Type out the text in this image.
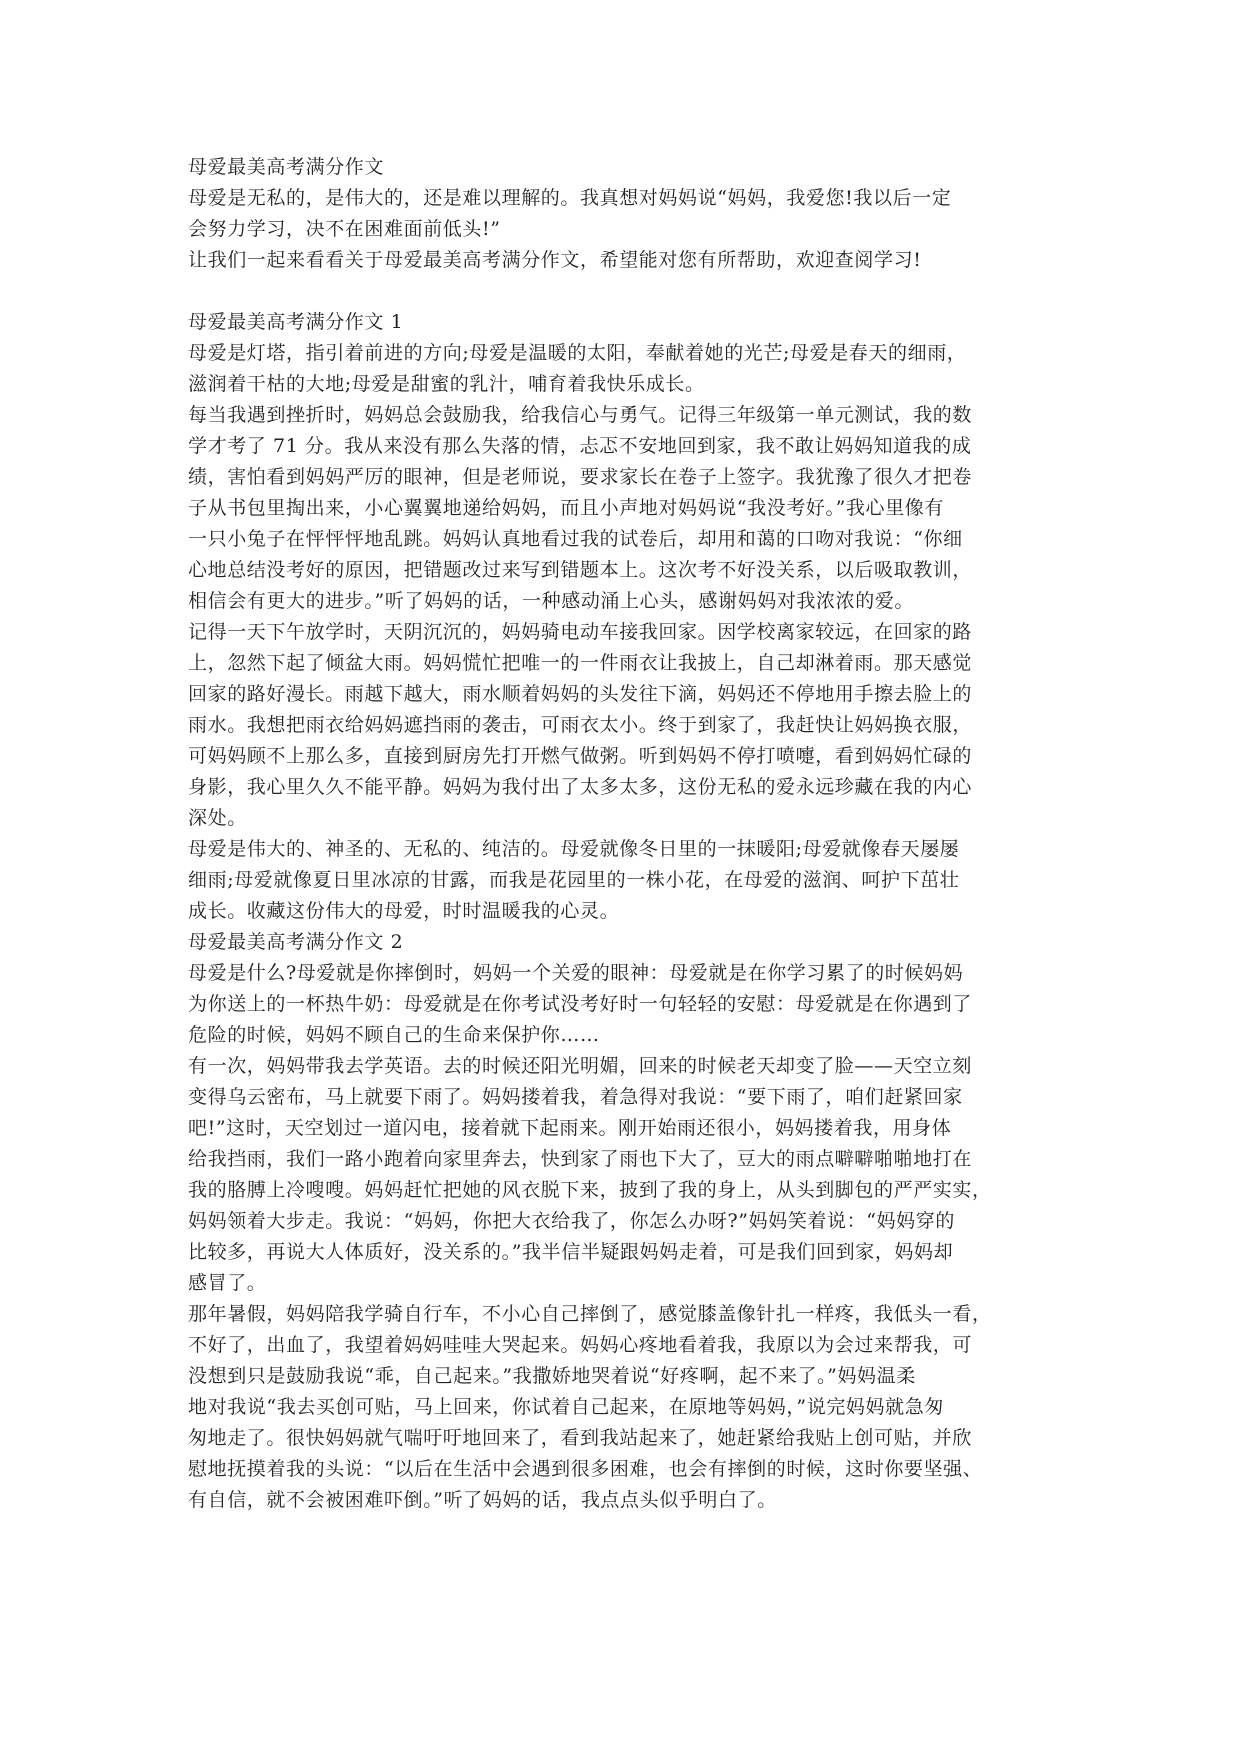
母爱最美高考满分作文
母爱是无私的，是伟大的，还是难以理解的。我真想对妈妈说“妈妈，我爱您!我以后一定
会努力学习，决不在困难面前低头!”
让我们一起来看看关于母爱最美高考满分作文，希望能对您有所帮助，欢迎查阅学习!
母爱最美高考满分作文 1
母爱是灯塔，指引着前进的方向;母爱是温暖的太阳，奉献着她的光芒;母爱是春天的细雨，
滋润着干枯的大地;母爱是甜蜜的乳汁，哺育着我快乐成长。
每当我遇到挫折时，妈妈总会鼓励我，给我信心与勇气。记得三年级第一单元测试，我的数
学才考了 71 分。我从来没有那么失落的情，忐忑不安地回到家，我不敢让妈妈知道我的成
绩，害怕看到妈妈严厉的眼神，但是老师说，要求家长在卷子上签字。我犹豫了很久才把卷
子从书包里掏出来，小心翼翼地递给妈妈，而且小声地对妈妈说“我没考好。”我心里像有
一只小兔子在怦怦怦地乱跳。妈妈认真地看过我的试卷后，却用和蔼的口吻对我说：“你细
心地总结没考好的原因，把错题改过来写到错题本上。这次考不好没关系，以后吸取教训，
相信会有更大的进步。”听了妈妈的话，一种感动涌上心头，感谢妈妈对我浓浓的爱。
记得一天下午放学时，天阴沉沉的，妈妈骑电动车接我回家。因学校离家较远，在回家的路
上，忽然下起了倾盆大雨。妈妈慌忙把唯一的一件雨衣让我披上，自己却淋着雨。那天感觉
回家的路好漫长。雨越下越大，雨水顺着妈妈的头发往下滴，妈妈还不停地用手擦去脸上的
雨水。我想把雨衣给妈妈遮挡雨的袭击，可雨衣太小。终于到家了，我赶快让妈妈换衣服，
可妈妈顾不上那么多，直接到厨房先打开燃气做粥。听到妈妈不停打喷嚏，看到妈妈忙碌的
身影，我心里久久不能平静。妈妈为我付出了太多太多，这份无私的爱永远珍藏在我的内心
深处。
母爱是伟大的、神圣的、无私的、纯洁的。母爱就像冬日里的一抹暖阳;母爱就像春天屡屡
细雨;母爱就像夏日里冰凉的甘露，而我是花园里的一株小花，在母爱的滋润、呵护下茁壮
成长。收藏这份伟大的母爱，时时温暖我的心灵。
母爱最美高考满分作文 2
母爱是什么?母爱就是你摔倒时，妈妈一个关爱的眼神：母爱就是在你学习累了的时候妈妈
为你送上的一杯热牛奶：母爱就是在你考试没考好时一句轻轻的安慰：母爱就是在你遇到了
危险的时候，妈妈不顾自己的生命来保护你……
有一次，妈妈带我去学英语。去的时候还阳光明媚，回来的时候老天却变了脸——天空立刻
变得乌云密布，马上就要下雨了。妈妈搂着我，着急得对我说：“要下雨了，咱们赶紧回家
吧!”这时，天空划过一道闪电，接着就下起雨来。刚开始雨还很小，妈妈搂着我，用身体
给我挡雨，我们一路小跑着向家里奔去，快到家了雨也下大了，豆大的雨点噼噼啪啪地打在
我的胳膊上冷嗖嗖。妈妈赶忙把她的风衣脱下来，披到了我的身上，从头到脚包的严严实实，
妈妈领着大步走。我说：“妈妈，你把大衣给我了，你怎么办呀?”妈妈笑着说：“妈妈穿的
比较多，再说大人体质好，没关系的。”我半信半疑跟妈妈走着，可是我们回到家，妈妈却
感冒了。
那年暑假，妈妈陪我学骑自行车，不小心自己摔倒了，感觉膝盖像针扎一样疼，我低头一看，
不好了，出血了，我望着妈妈哇哇大哭起来。妈妈心疼地看着我，我原以为会过来帮我，可
没想到只是鼓励我说“乖，自己起来。”我撒娇地哭着说“好疼啊，起不来了。”妈妈温柔
地对我说“我去买创可贴，马上回来，你试着自己起来，在原地等妈妈，”说完妈妈就急匆
匆地走了。很快妈妈就气喘吁吁地回来了，看到我站起来了，她赶紧给我贴上创可贴，并欣
慰地抚摸着我的头说：“以后在生活中会遇到很多困难，也会有摔倒的时候，这时你要坚强、
有自信，就不会被困难吓倒。”听了妈妈的话，我点点头似乎明白了。
